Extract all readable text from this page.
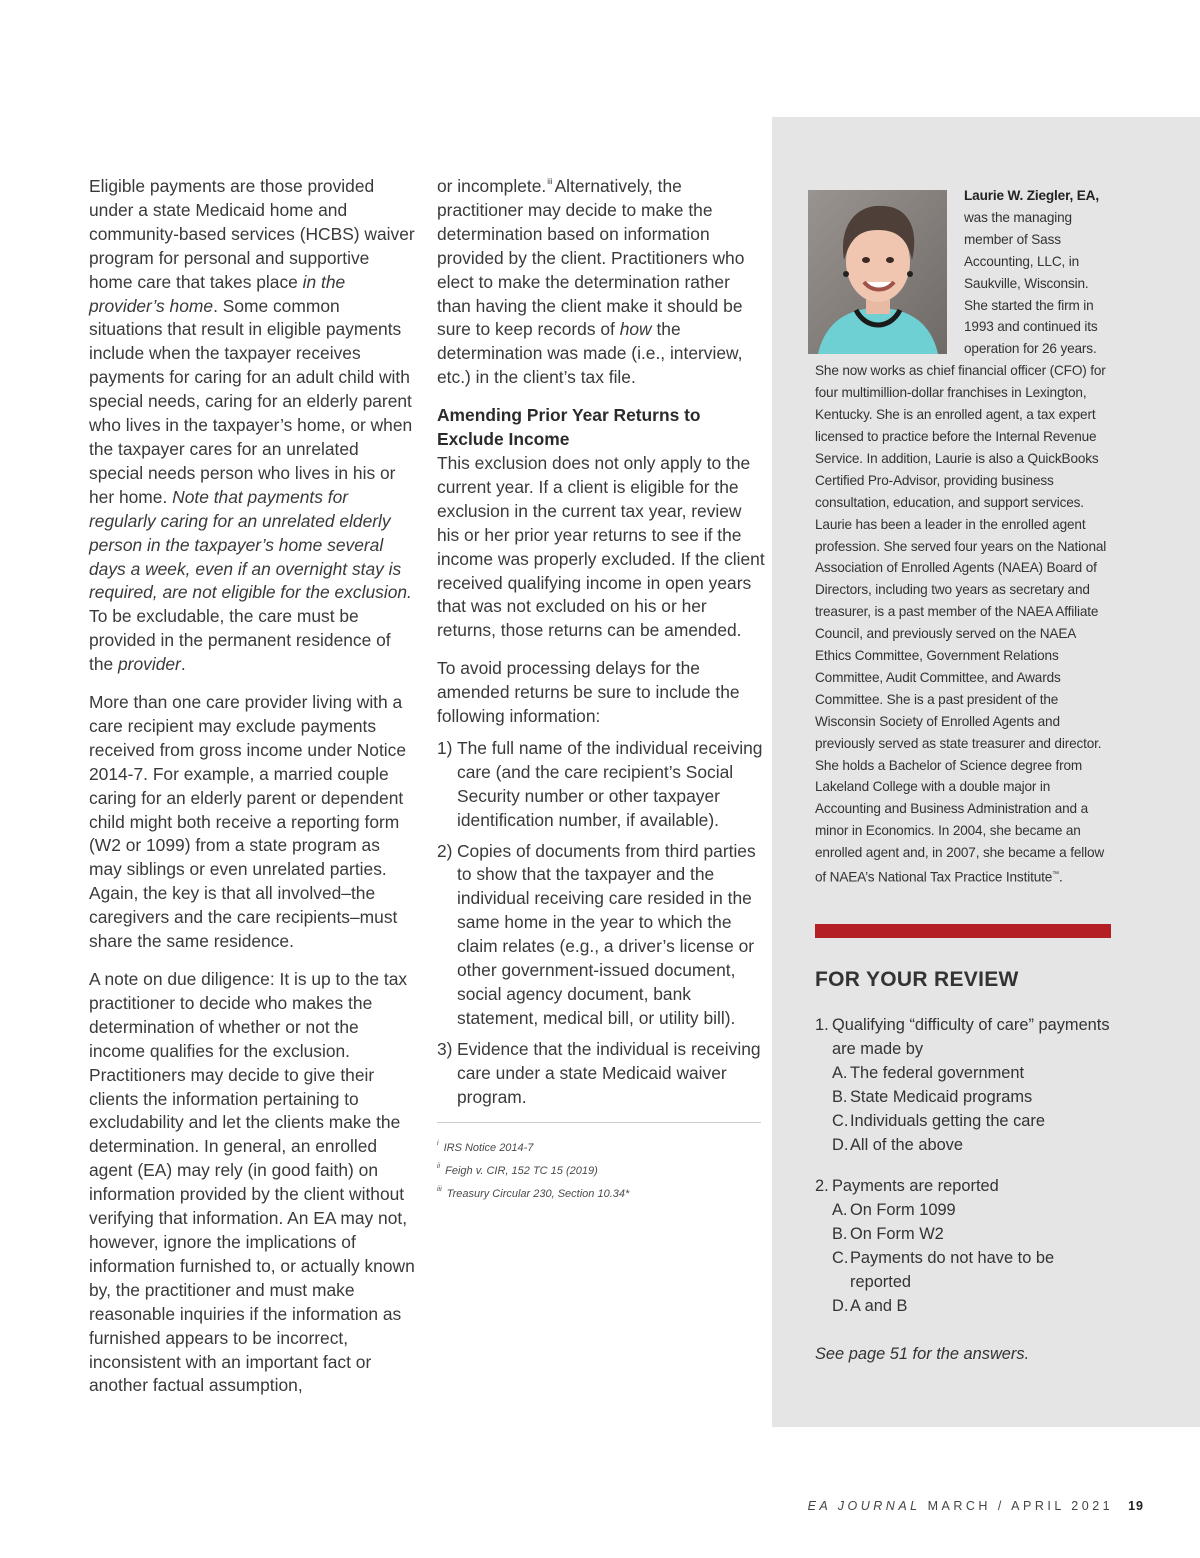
Eligible payments are those provided under a state Medicaid home and community-based services (HCBS) waiver program for personal and supportive home care that takes place in the provider’s home. Some common situations that result in eligible payments include when the taxpayer receives payments for caring for an adult child with special needs, caring for an elderly parent who lives in the taxpayer’s home, or when the taxpayer cares for an unrelated special needs person who lives in his or her home. Note that payments for regularly caring for an unrelated elderly person in the taxpayer’s home several days a week, even if an overnight stay is required, are not eligible for the exclusion. To be excludable, the care must be provided in the permanent residence of the provider.

More than one care provider living with a care recipient may exclude payments received from gross income under Notice 2014-7. For example, a married couple caring for an elderly parent or dependent child might both receive a reporting form (W2 or 1099) from a state program as may siblings or even unrelated parties. Again, the key is that all involved–the caregivers and the care recipients–must share the same residence.

A note on due diligence: It is up to the tax practitioner to decide who makes the determination of whether or not the income qualifies for the exclusion. Practitioners may decide to give their clients the information pertaining to excludability and let the clients make the determination. In general, an enrolled agent (EA) may rely (in good faith) on information provided by the client without verifying that information. An EA may not, however, ignore the implications of information furnished to, or actually known by, the practitioner and must make reasonable inquiries if the information as furnished appears to be incorrect, inconsistent with an important fact or another factual assumption,

or incomplete.$^{iii}$ Alternatively, the practitioner may decide to make the determination based on information provided by the client. Practitioners who elect to make the determination rather than having the client make it should be sure to keep records of how the determination was made (i.e., interview, etc.) in the client’s tax file.

Amending Prior Year Returns to Exclude Income

This exclusion does not only apply to the current year. If a client is eligible for the exclusion in the current tax year, review his or her prior year returns to see if the income was properly excluded. If the client received qualifying income in open years that was not excluded on his or her returns, those returns can be amended.

To avoid processing delays for the amended returns be sure to include the following information:

1) The full name of the individual receiving care (and the care recipient’s Social Security number or other taxpayer identification number, if available).
2) Copies of documents from third parties to show that the taxpayer and the individual receiving care resided in the same home in the year to which the claim relates (e.g., a driver’s license or other government-issued document, social agency document, bank statement, medical bill, or utility bill).
3) Evidence that the individual is receiving care under a state Medicaid waiver program.
$^i$ IRS Notice 2014-7
$^{ii}$ Feigh v. CIR, 152 TC 15 (2019)
$^{iii}$ Treasury Circular 230, Section 10.34*
Laurie W. Ziegler, EA, was the managing member of Sass Accounting, LLC, in Saukville, Wisconsin. She started the firm in 1993 and continued its operation for 26 years. She now works as chief financial officer (CFO) for four multimillion-dollar franchises in Lexington, Kentucky. She is an enrolled agent, a tax expert licensed to practice before the Internal Revenue Service. In addition, Laurie is also a QuickBooks Certified Pro-Advisor, providing business consultation, education, and support services. Laurie has been a leader in the enrolled agent profession. She served four years on the National Association of Enrolled Agents (NAEA) Board of Directors, including two years as secretary and treasurer, is a past member of the NAEA Affiliate Council, and previously served on the NAEA Ethics Committee, Government Relations Committee, Audit Committee, and Awards Committee. She is a past president of the Wisconsin Society of Enrolled Agents and previously served as state treasurer and director. She holds a Bachelor of Science degree from Lakeland College with a double major in Accounting and Business Administration and a minor in Economics. In 2004, she became an enrolled agent and, in 2007, she became a fellow of NAEA’s National Tax Practice Institute™.
FOR YOUR REVIEW
1. Qualifying “difficulty of care” payments are made by
A. The federal government
B. State Medicaid programs
C. Individuals getting the care
D. All of the above
2. Payments are reported
A. On Form 1099
B. On Form W2
C. Payments do not have to be reported
D. A and B
See page 51 for the answers.
EA JOURNAL MARCH / APRIL 2021 19
